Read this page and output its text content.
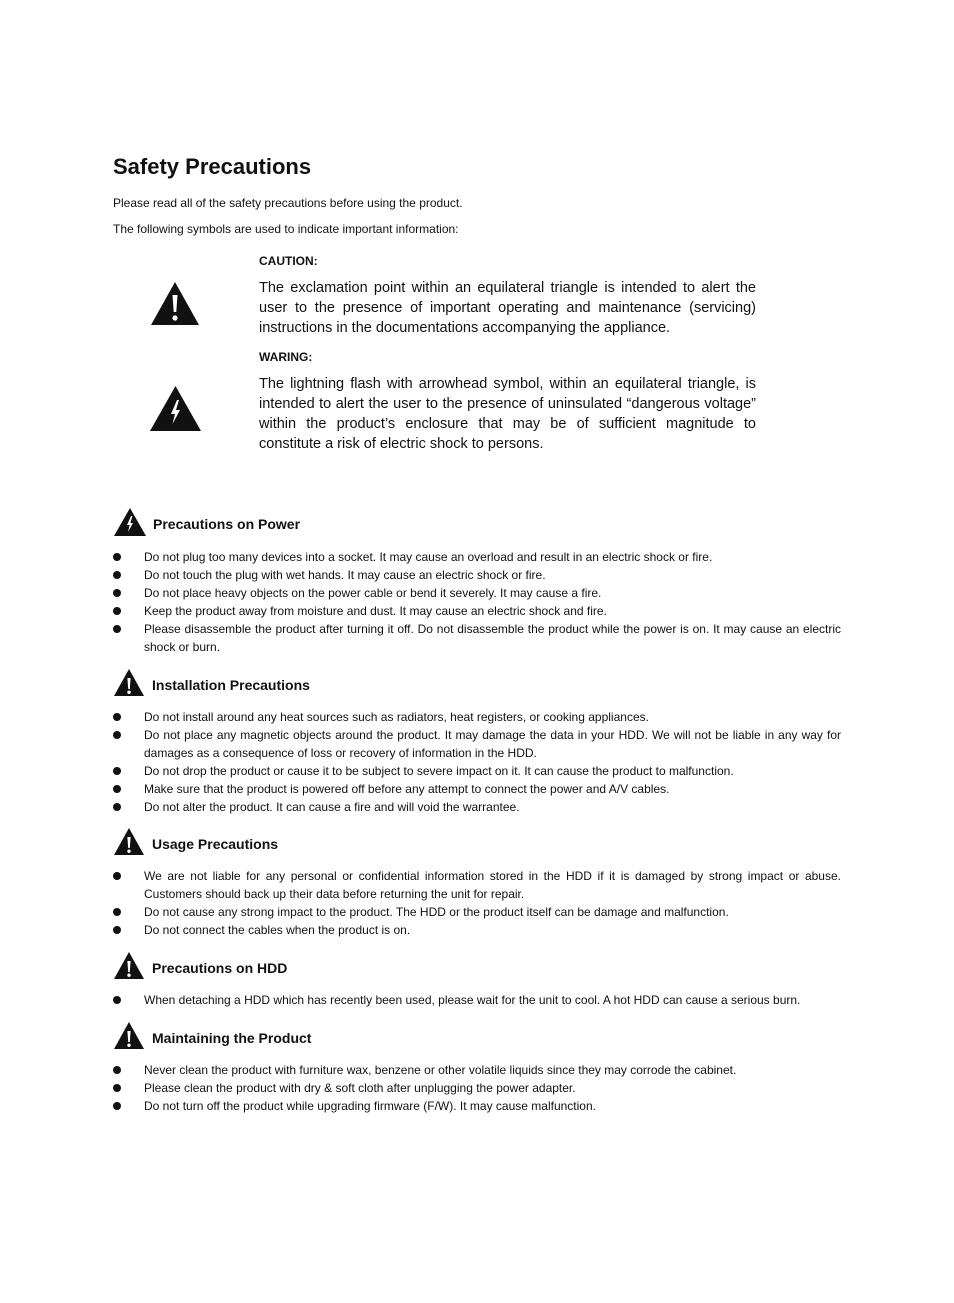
Safety Precautions

Please read all of the safety precautions before using the product.

The following symbols are used to indicate important information:

CAUTION:

The exclamation point within an equilateral triangle is intended to alert the user to the presence of important operating and maintenance (servicing) instructions in the documentations accompanying the appliance.

WARING:

The lightning flash with arrowhead symbol, within an equilateral triangle, is intended to alert the user to the presence of uninsulated “dangerous voltage” within the product’s enclosure that may be of sufficient magnitude to constitute a risk of electric shock to persons.

Precautions on Power
Do not plug too many devices into a socket. It may cause an overload and result in an electric shock or fire.
Do not touch the plug with wet hands. It may cause an electric shock or fire.
Do not place heavy objects on the power cable or bend it severely. It may cause a fire.
Keep the product away from moisture and dust. It may cause an electric shock and fire.
Please disassemble the product after turning it off. Do not disassemble the product while the power is on. It may cause an electric shock or burn.
Installation Precautions
Do not install around any heat sources such as radiators, heat registers, or cooking appliances.
Do not place any magnetic objects around the product. It may damage the data in your HDD. We will not be liable in any way for damages as a consequence of loss or recovery of information in the HDD.
Do not drop the product or cause it to be subject to severe impact on it. It can cause the product to malfunction.
Make sure that the product is powered off before any attempt to connect the power and A/V cables.
Do not alter the product. It can cause a fire and will void the warrantee.
Usage Precautions
We are not liable for any personal or confidential information stored in the HDD if it is damaged by strong impact or abuse. Customers should back up their data before returning the unit for repair.
Do not cause any strong impact to the product. The HDD or the product itself can be damage and malfunction.
Do not connect the cables when the product is on.
Precautions on HDD
When detaching a HDD which has recently been used, please wait for the unit to cool. A hot HDD can cause a serious burn.
Maintaining the Product
Never clean the product with furniture wax, benzene or other volatile liquids since they may corrode the cabinet.
Please clean the product with dry & soft cloth after unplugging the power adapter.
Do not turn off the product while upgrading firmware (F/W). It may cause malfunction.
